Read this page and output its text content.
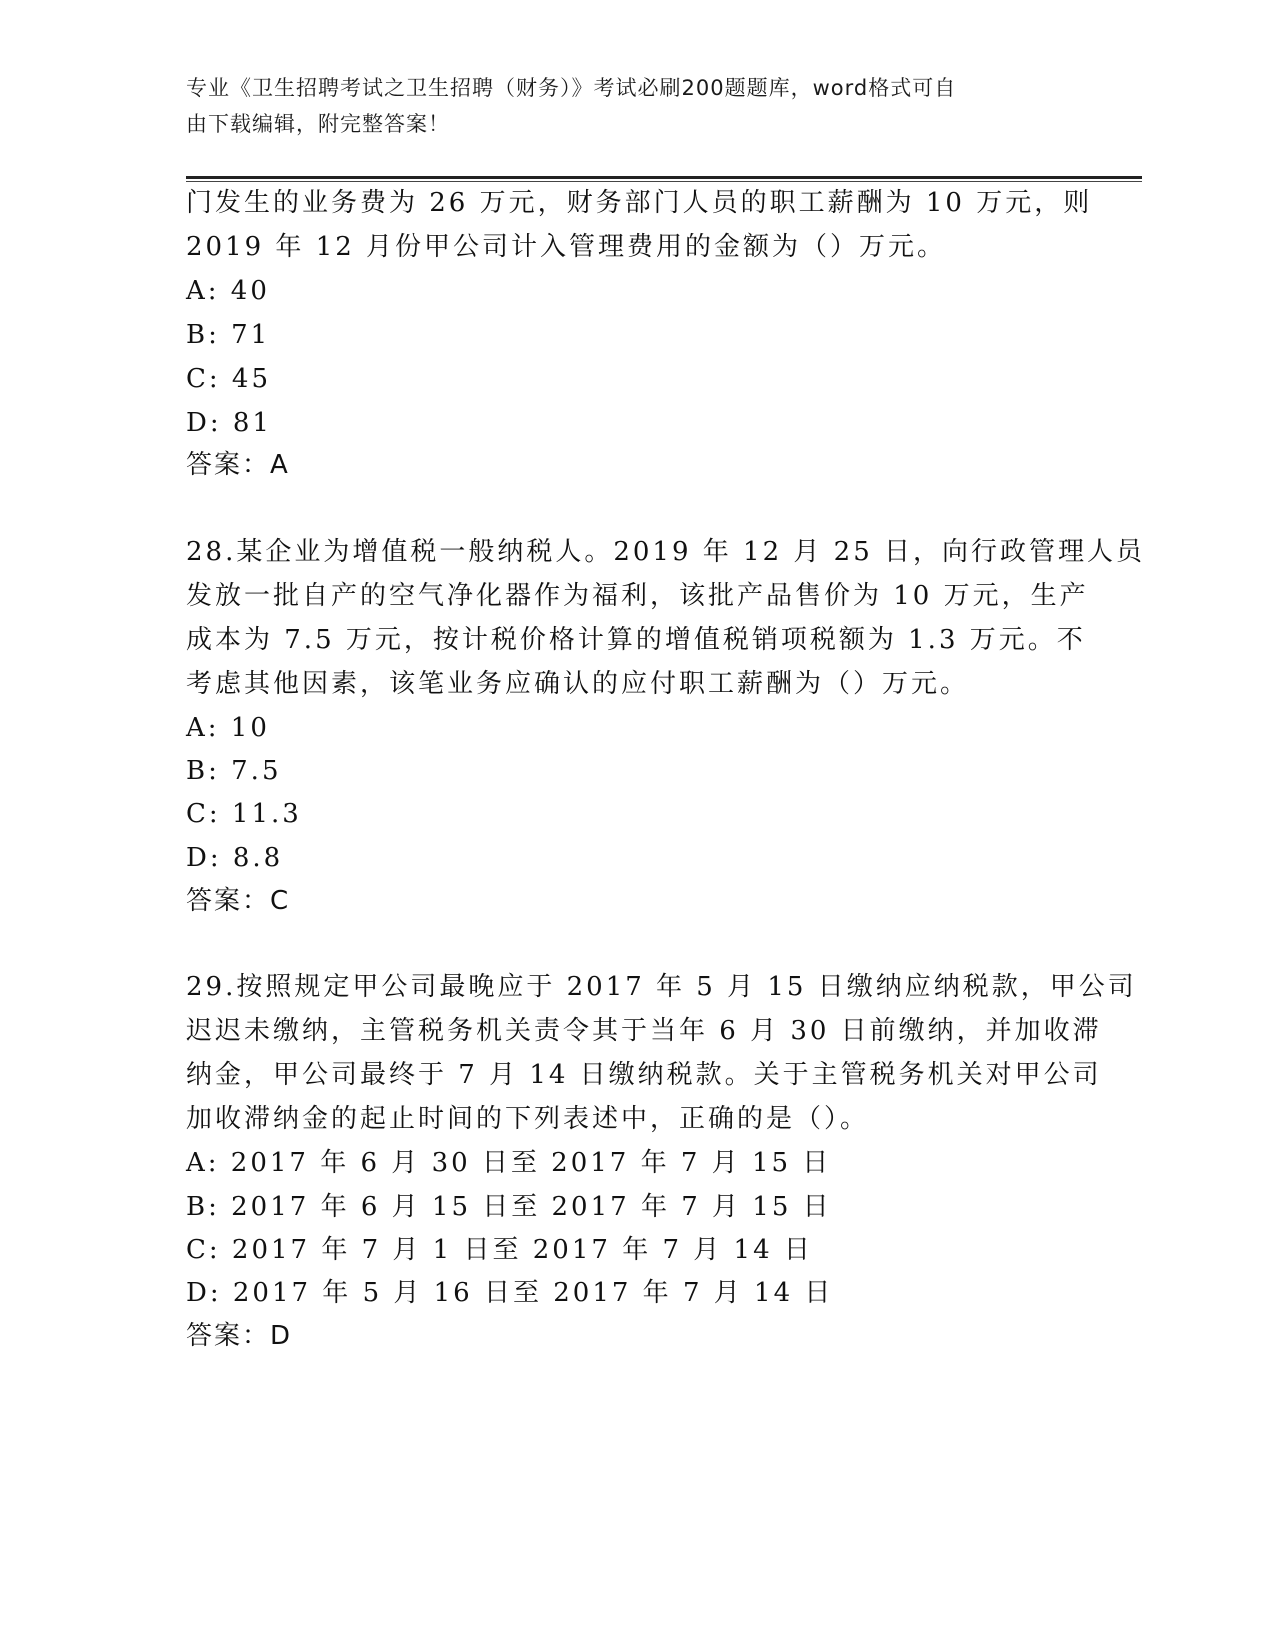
专业《卫生招聘考试之卫生招聘（财务）》考试必刷200题题库，word格式可自
由下载编辑，附完整答案！
门发生的业务费为 26 万元，财务部门人员的职工薪酬为 10 万元，则
2019 年 12 月份甲公司计入管理费用的金额为（）万元。
A: 40
B: 71
C: 45
D: 81
答案：A
28.某企业为增值税一般纳税人。2019 年 12 月 25 日，向行政管理人员
发放一批自产的空气净化器作为福利，该批产品售价为 10 万元，生产
成本为 7.5 万元，按计税价格计算的增值税销项税额为 1.3 万元。不
考虑其他因素，该笔业务应确认的应付职工薪酬为（）万元。
A: 10
B: 7.5
C: 11.3
D: 8.8
答案：C
29.按照规定甲公司最晚应于 2017 年 5 月 15 日缴纳应纳税款，甲公司
迟迟未缴纳，主管税务机关责令其于当年 6 月 30 日前缴纳，并加收滞
纳金，甲公司最终于 7 月 14 日缴纳税款。关于主管税务机关对甲公司
加收滞纳金的起止时间的下列表述中，正确的是（）。
A: 2017 年 6 月 30 日至 2017 年 7 月 15 日
B: 2017 年 6 月 15 日至 2017 年 7 月 15 日
C: 2017 年 7 月 1 日至 2017 年 7 月 14 日
D: 2017 年 5 月 16 日至 2017 年 7 月 14 日
答案：D
